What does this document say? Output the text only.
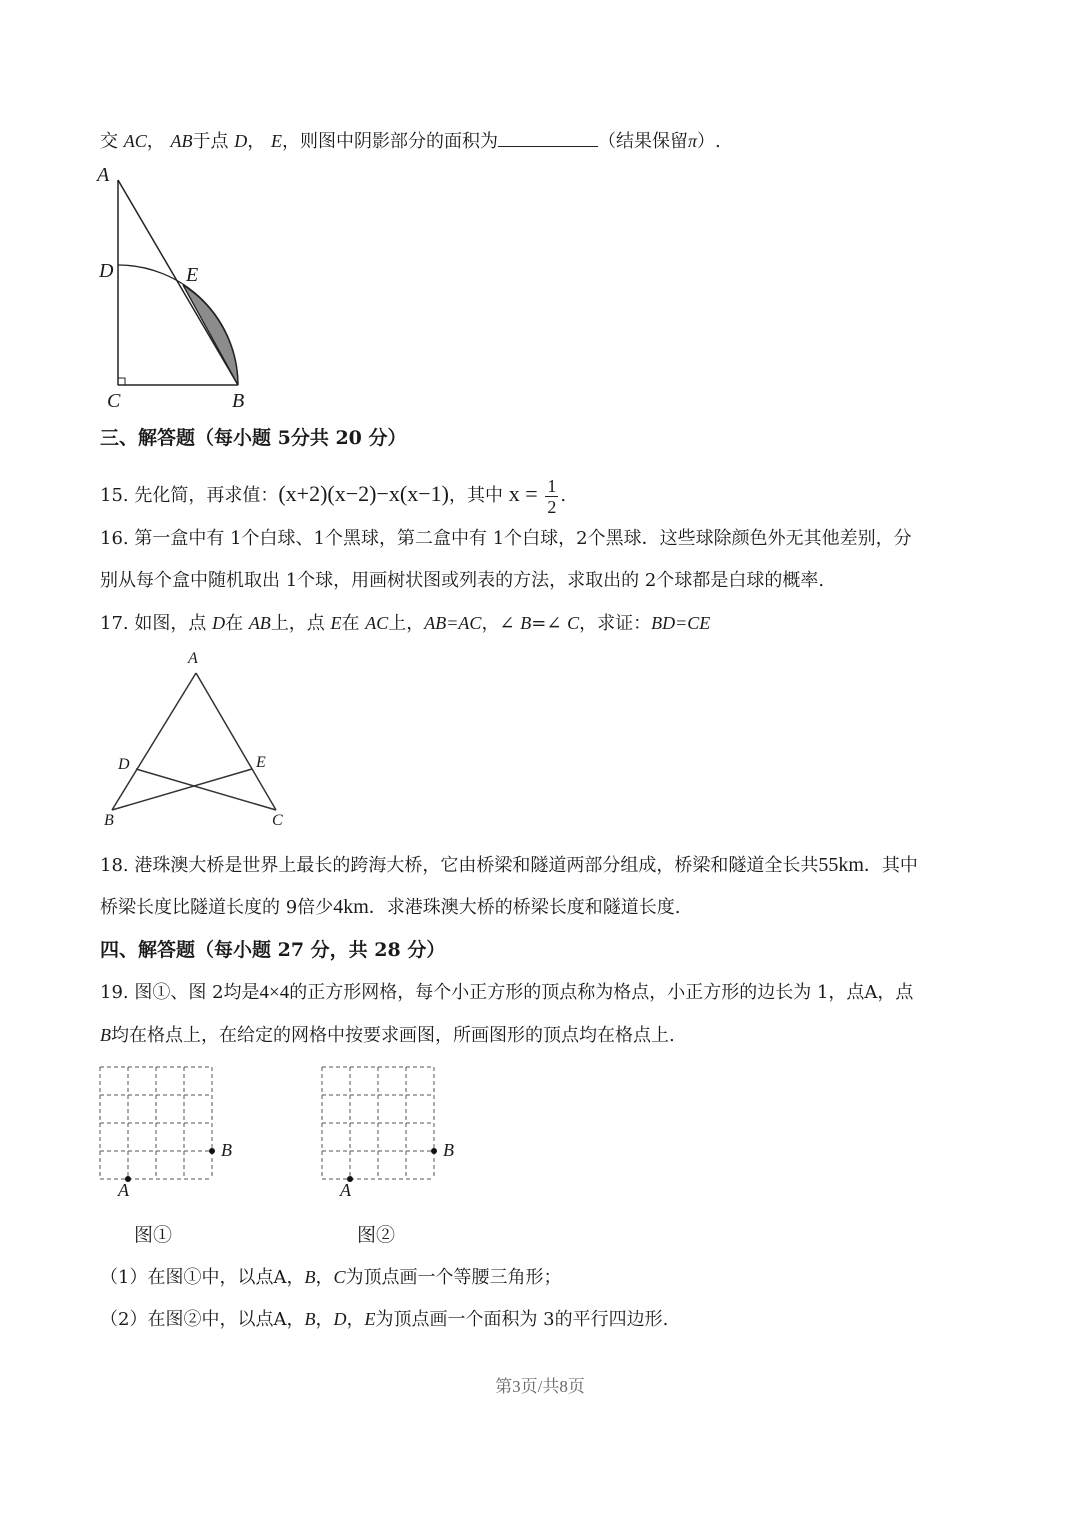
交 AC， AB于点 D， E，则图中阴影部分的面积为	（结果保留π）.
A
D	E
C	B
三、解答题（每小题 5分共 20 分）
15. 先化简，再求值：(x+2)(x−2)−x(x−1)，其中 $x = \frac{1}{2}$ .
16. 第一盒中有 1个白球、1个黑球，第二盒中有 1个白球，2个黑球．这些球除颜色外无其他差别，分
别从每个盒中随机取出 1个球，用画树状图或列表的方法，求取出的 2个球都是白球的概率.
17. 如图，点 D在 AB上，点 E在 AC上，AB=AC，∠ B=∠ C，求证：BD=CE
A
D	E
B	C
18. 港珠澳大桥是世界上最长的跨海大桥，它由桥梁和隧道两部分组成，桥梁和隧道全长共55km．其中
桥梁长度比隧道长度的 9倍少4km．求港珠澳大桥的桥梁长度和隧道长度.
四、解答题（每小题 27 分，共 28 分）
19. 图①、图 2均是4×4的正方形网格，每个小正方形的顶点称为格点，小正方形的边长为 1，点A，点
B均在格点上，在给定的网格中按要求画图，所画图形的顶点均在格点上.
A
B
图①
A
B
图②
（1）在图①中，以点A，B，C为顶点画一个等腰三角形；
（2）在图②中，以点A，B，D，E为顶点画一个面积为 3的平行四边形.
第3页/共8页
